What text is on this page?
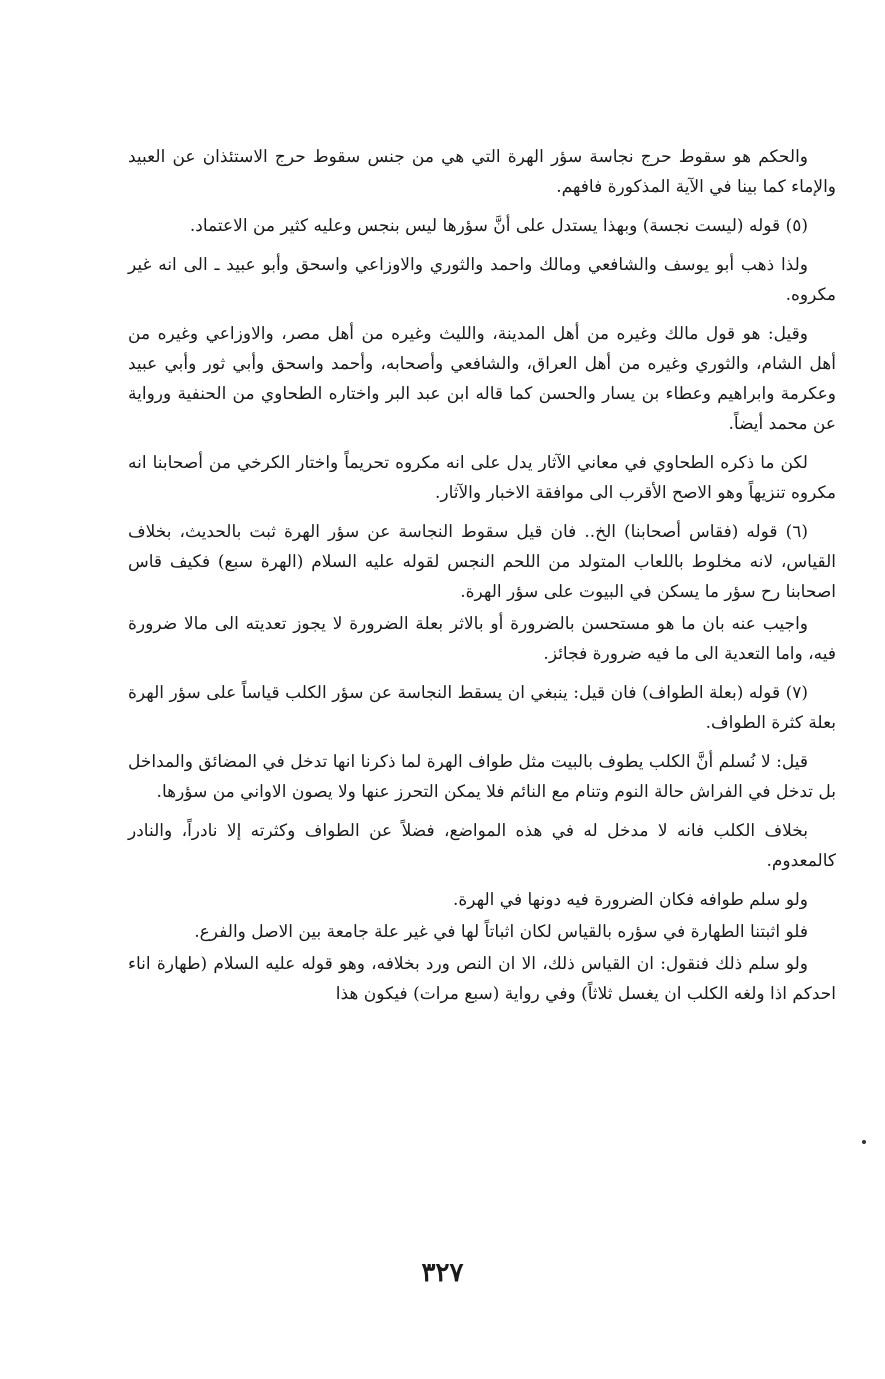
والحكم هو سقوط حرج نجاسة سؤر الهرة التي هي من جنس سقوط حرج الاستئذان عن العبيد والإماء كما بينا في الآية المذكورة فافهم.

(٥) قوله (ليست نجسة) وبهذا يستدل على أنَّ سؤرها ليس بنجس وعليه كثير من الاعتماد.

ولذا ذهب أبو يوسف والشافعي ومالك واحمد والثوري والاوزاعي واسحق وأبو عبيد ـ الى انه غير مكروه.

وقيل: هو قول مالك وغيره من أهل المدينة، والليث وغيره من أهل مصر، والاوزاعي وغيره من أهل الشام، والثوري وغيره من أهل العراق، والشافعي وأصحابه، وأحمد واسحق وأبي ثور وأبي عبيد وعكرمة وابراهيم وعطاء بن يسار والحسن كما قاله ابن عبد البر واختاره الطحاوي من الحنفية ورواية عن محمد أيضاً.

لكن ما ذكره الطحاوي في معاني الآثار يدل على انه مكروه تحريماً واختار الكرخي من أصحابنا انه مكروه تنزيهاً وهو الاصح الأقرب الى موافقة الاخبار والآثار.

(٦) قوله (فقاس أصحابنا) الخ.. فان قيل سقوط النجاسة عن سؤر الهرة ثبت بالحديث، بخلاف القياس، لانه مخلوط باللعاب المتولد من اللحم النجس لقوله عليه السلام (الهرة سبع) فكيف قاس اصحابنا رح سؤر ما يسكن في البيوت على سؤر الهرة.

واجيب عنه بان ما هو مستحسن بالضرورة أو بالاثر بعلة الضرورة لا يجوز تعديته الى مالا ضرورة فيه، واما التعدية الى ما فيه ضرورة فجائز.

(٧) قوله (بعلة الطواف) فان قيل: ينبغي ان يسقط النجاسة عن سؤر الكلب قياساً على سؤر الهرة بعلة كثرة الطواف.

قيل: لا نُسلم أنَّ الكلب يطوف بالبيت مثل طواف الهرة لما ذكرنا انها تدخل في المضائق والمداخل بل تدخل في الفراش حالة النوم وتنام مع النائم فلا يمكن التحرز عنها ولا يصون الاواني من سؤرها.

بخلاف الكلب فانه لا مدخل له في هذه المواضع، فضلاً عن الطواف وكثرته إلا نادراً، والنادر كالمعدوم.

ولو سلم طوافه فكان الضرورة فيه دونها في الهرة.

فلو اثبتنا الطهارة في سؤره بالقياس لكان اثباتاً لها في غير علة جامعة بين الاصل والفرع.

ولو سلم ذلك فنقول: ان القياس ذلك، الا ان النص ورد بخلافه، وهو قوله عليه السلام (طهارة اناء احدكم اذا ولغه الكلب ان يغسل ثلاثاً) وفي رواية (سبع مرات) فيكون هذا

٣٢٧
